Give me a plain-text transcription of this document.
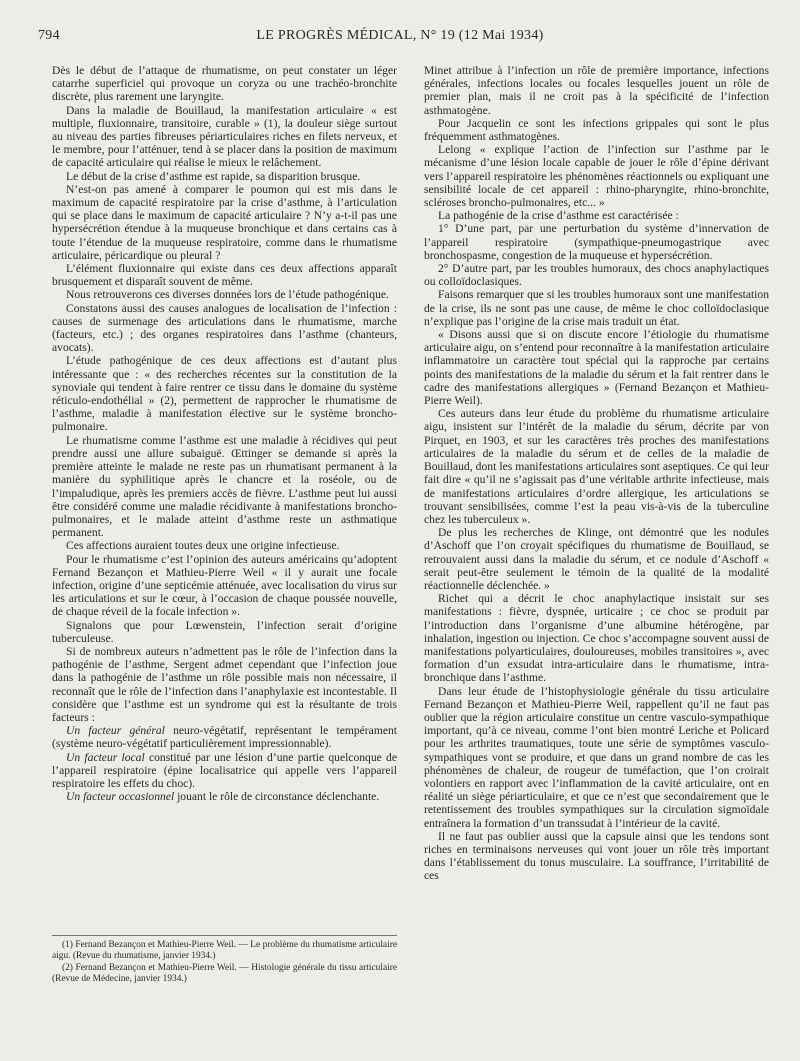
794	LE PROGRÈS MÉDICAL, N° 19 (12 Mai 1934)

Dès le début de l’attaque de rhumatisme, on peut constater un léger catarrhe superficiel qui provoque un coryza ou une trachéo-bronchite discrète, plus rarement une laryngite.

Dans la maladie de Bouillaud, la manifestation articulaire « est multiple, fluxionnaire, transitoire, curable » (1), la douleur siège surtout au niveau des parties fibreuses périarticulaires riches en filets nerveux, et le membre, pour l’atténuer, tend à se placer dans la position de maximum de capacité articulaire qui réalise le mieux le relâchement.

Le début de la crise d’asthme est rapide, sa disparition brusque.

N’est-on pas amené à comparer le poumon qui est mis dans le maximum de capacité respiratoire par la crise d’asthme, à l’articulation qui se place dans le maximum de capacité articulaire ? N’y a-t-il pas une hypersécrétion étendue à la muqueuse bronchique et dans certains cas à toute l’étendue de la muqueuse respiratoire, comme dans le rhumatisme articulaire, péricardique ou pleural ?

L’élément fluxionnaire qui existe dans ces deux affections apparaît brusquement et disparaît souvent de même.

Nous retrouverons ces diverses données lors de l’étude pathogénique.

Constatons aussi des causes analogues de localisation de l’infection : causes de surmenage des articulations dans le rhumatisme, marche (facteurs, etc.) ; des organes respiratoires dans l’asthme (chanteurs, avocats).

L’étude pathogénique de ces deux affections est d’autant plus intéressante que : « des recherches récentes sur la constitution de la synoviale qui tendent à faire rentrer ce tissu dans le domaine du système réticulo-endothélial » (2), permettent de rapprocher le rhumatisme de l’asthme, maladie à manifestation élective sur le système broncho-pulmonaire.

Le rhumatisme comme l’asthme est une maladie à récidives qui peut prendre aussi une allure subaiguë. Œttinger se demande si après la première atteinte le malade ne reste pas un rhumatisant permanent à la manière du syphilitique après le chancre et la roséole, ou de l’impaludique, après les premiers accès de fièvre. L’asthme peut lui aussi être considéré comme une maladie récidivante à manifestations broncho-pulmonaires, et le malade atteint d’asthme reste un asthmatique permanent.

Ces affections auraient toutes deux une origine infectieuse.

Pour le rhumatisme c’est l’opinion des auteurs américains qu’adoptent Fernand Bezançon et Mathieu-Pierre Weil « il y aurait une focale infection, origine d’une septicémie atténuée, avec localisation du virus sur les articulations et sur le cœur, à l’occasion de chaque poussée nouvelle, de chaque réveil de la focale infection ».

Signalons que pour Lœwenstein, l’infection serait d’origine tuberculeuse.

Si de nombreux auteurs n’admettent pas le rôle de l’infection dans la pathogénie de l’asthme, Sergent admet cependant que l’infection joue dans la pathogénie de l’asthme un rôle possible mais non nécessaire, il reconnaît que le rôle de l’infection dans l’anaphylaxie est incontestable. Il considère que l’asthme est un syndrome qui est la résultante de trois facteurs :

Un facteur général neuro-végétatif, représentant le tempérament (système neuro-végétatif particulièrement impressionnable).

Un facteur local constitué par une lésion d’une partie quelconque de l’appareil respiratoire (épine localisatrice qui appelle vers l’appareil respiratoire les effets du choc).

Un facteur occasionnel jouant le rôle de circonstance déclenchante.

(1) Fernand Bezançon et Mathieu-Pierre Weil. — Le problème du rhumatisme articulaire aigu. (Revue du rhumatisme, janvier 1934.)

(2) Fernand Bezançon et Mathieu-Pierre Weil. — Histologie générale du tissu articulaire (Revue de Médecine, janvier 1934.)

Minet attribue à l’infection un rôle de première importance, infections générales, infections locales ou focales lesquelles jouent un rôle de premier plan, mais il ne croit pas à la spécificité de l’infection asthmatogène.

Pour Jacquelin ce sont les infections grippales qui sont le plus fréquemment asthmatogènes.

Lelong « explique l’action de l’infection sur l’asthme par le mécanisme d’une lésion locale capable de jouer le rôle d’épine dérivant vers l’appareil respiratoire les phénomènes réactionnels ou expliquant une sensibilité locale de cet appareil : rhino-pharyngite, rhino-bronchite, scléroses broncho-pulmonaires, etc... »

La pathogénie de la crise d’asthme est caractérisée :

1° D’une part, par une perturbation du système d’innervation de l’appareil respiratoire (sympathique-pneumogastrique avec bronchospasme, congestion de la muqueuse et hypersécrétion.

2° D’autre part, par les troubles humoraux, des chocs anaphylactiques ou colloïdoclasiques.

Faisons remarquer que si les troubles humoraux sont une manifestation de la crise, ils ne sont pas une cause, de même le choc colloïdoclasique n’explique pas l’origine de la crise mais traduit un état.

« Disons aussi que si on discute encore l’étiologie du rhumatisme articulaire aigu, on s’entend pour reconnaître à la manifestation articulaire inflammatoire un caractère tout spécial qui la rapproche par certains points des manifestations de la maladie du sérum et la fait rentrer dans le cadre des manifestations allergiques » (Fernand Bezançon et Mathieu-Pierre Weil).

Ces auteurs dans leur étude du problème du rhumatisme articulaire aigu, insistent sur l’intérêt de la maladie du sérum, décrite par von Pirquet, en 1903, et sur les caractères très proches des manifestations articulaires de la maladie du sérum et de celles de la maladie de Bouillaud, dont les manifestations articulaires sont aseptiques. Ce qui leur fait dire « qu’il ne s’agissait pas d’une véritable arthrite infectieuse, mais de manifestations articulaires d’ordre allergique, les articulations se trouvant sensibilisées, comme l’est la peau vis-à-vis de la tuberculine chez les tuberculeux ».

De plus les recherches de Klinge, ont démontré que les nodules d’Aschoff que l’on croyait spécifiques du rhumatisme de Bouillaud, se retrouvaient aussi dans la maladie du sérum, et ce nodule d’Aschoff « serait peut-être seulement le témoin de la qualité de la modalité réactionnelle déclenchée. »

Richet qui a décrit le choc anaphylactique insistait sur ses manifestations : fièvre, dyspnée, urticaire ; ce choc se produit par l’introduction dans l’organisme d’une albumine hétérogène, par inhalation, ingestion ou injection. Ce choc s’accompagne souvent aussi de manifestations polyarticulaires, douloureuses, mobiles transitoires », avec formation d’un exsudat intra-articulaire dans le rhumatisme, intra-bronchique dans l’asthme.

Dans leur étude de l’histophysiologie générale du tissu articulaire Fernand Bezançon et Mathieu-Pierre Weil, rappellent qu’il ne faut pas oublier que la région articulaire constitue un centre vasculo-sympathique important, qu’à ce niveau, comme l’ont bien montré Leriche et Policard pour les arthrites traumatiques, toute une série de symptômes vasculo-sympathiques vont se produire, et que dans un grand nombre de cas les phénomènes de chaleur, de rougeur de tuméfaction, que l’on croirait volontiers en rapport avec l’inflammation de la cavité articulaire, ont en réalité un siège périarticulaire, et que ce n’est que secondairement que le retentissement des troubles sympathiques sur la circulation sigmoïdale entraînera la formation d’un transsudat à l’intérieur de la cavité.

Il ne faut pas oublier aussi que la capsule ainsi que les tendons sont riches en terminaisons nerveuses qui vont jouer un rôle très important dans l’établissement du tonus musculaire. La souffrance, l’irritabilité de ces
